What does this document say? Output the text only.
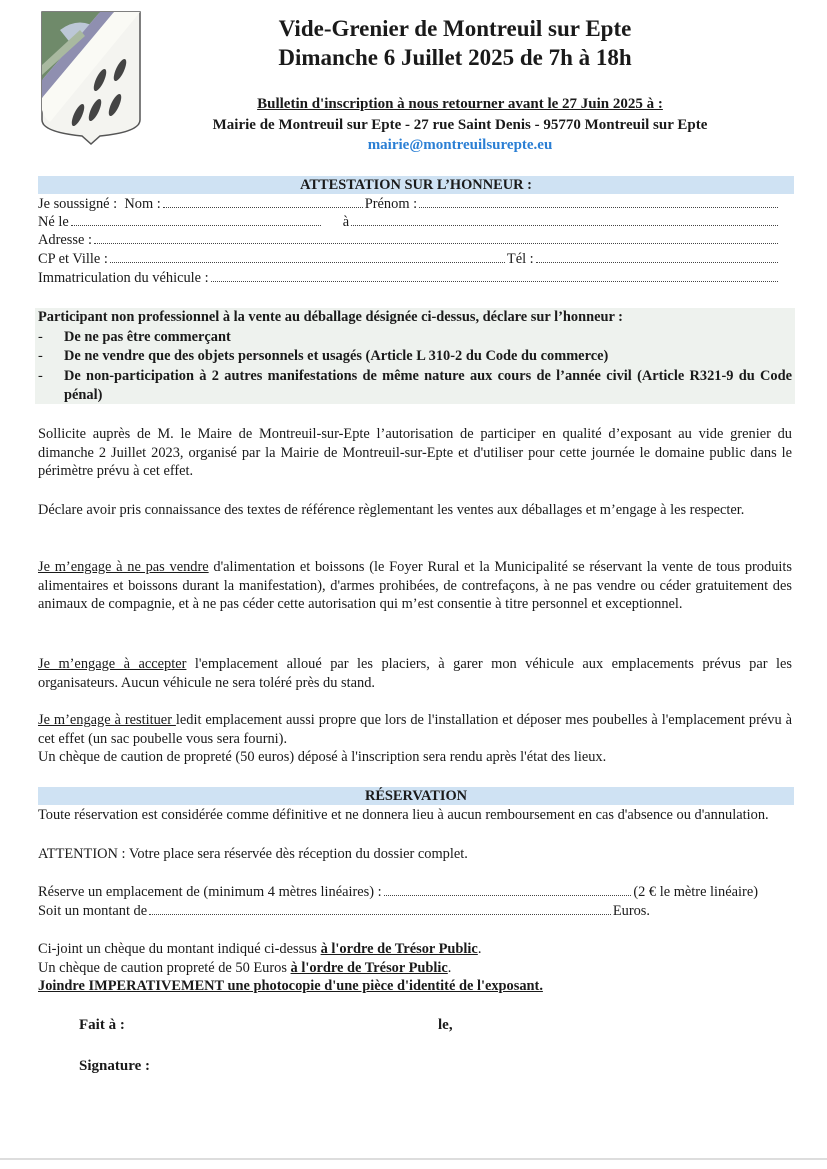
Vide-Grenier de Montreuil sur Epte
Dimanche 6 Juillet 2025 de 7h à 18h
Bulletin d'inscription à nous retourner avant le 27 Juin 2025 à :
Mairie de Montreuil sur Epte - 27 rue Saint Denis - 95770 Montreuil sur Epte
mairie@montreuilsurepte.eu
ATTESTATION SUR L’HONNEUR :
Je soussigné :
Nom :	Prénom :
Né le	à
Adresse :
CP et Ville :	Tél :
Immatriculation du véhicule :
Participant non professionnel à la vente au déballage désignée ci-dessus, déclare sur l’honneur :
-	De ne pas être commerçant
-	De ne vendre que des objets personnels et usagés (Article L 310-2 du Code du commerce)
-	De non-participation à 2 autres manifestations de même nature aux cours de l’année civil (Article R321-9 du Code pénal)
Sollicite auprès de M. le Maire de Montreuil-sur-Epte l’autorisation de participer en qualité d’exposant au vide grenier du dimanche 2 Juillet 2023, organisé par la Mairie de Montreuil-sur-Epte et d'utiliser pour cette journée le domaine public dans le périmètre prévu à cet effet.
Déclare avoir pris connaissance des textes de référence règlementant les ventes aux déballages et m’engage à les respecter.
Je m’engage à ne pas vendre d'alimentation et boissons (le Foyer Rural et la Municipalité se réservant la vente de tous produits alimentaires et boissons durant la manifestation), d'armes prohibées, de contrefaçons, à ne pas vendre ou céder gratuitement des animaux de compagnie, et à ne pas céder cette autorisation qui m’est consentie à titre personnel et exceptionnel.
Je m’engage à accepter l'emplacement alloué par les placiers, à garer mon véhicule aux emplacements prévus par les organisateurs. Aucun véhicule ne sera toléré près du stand.
Je m’engage à restituer ledit emplacement aussi propre que lors de l'installation et déposer mes poubelles à l'emplacement prévu à cet effet (un sac poubelle vous sera fourni).
Un chèque de caution de propreté (50 euros) déposé à l'inscription sera rendu après l'état des lieux.
RÉSERVATION
Toute réservation est considérée comme définitive et ne donnera lieu à aucun remboursement en cas d'absence ou d'annulation.
ATTENTION : Votre place sera réservée dès réception du dossier complet.
Réserve un emplacement de (minimum 4 mètres linéaires) :	(2 € le mètre linéaire)
Soit un montant de	Euros.
Ci-joint un chèque du montant indiqué ci-dessus à l'ordre de Trésor Public.
Un chèque de caution propreté de 50 Euros à l'ordre de Trésor Public.
Joindre IMPERATIVEMENT une photocopie d'une pièce d'identité de l'exposant.
Fait à :	le,
Signature :
